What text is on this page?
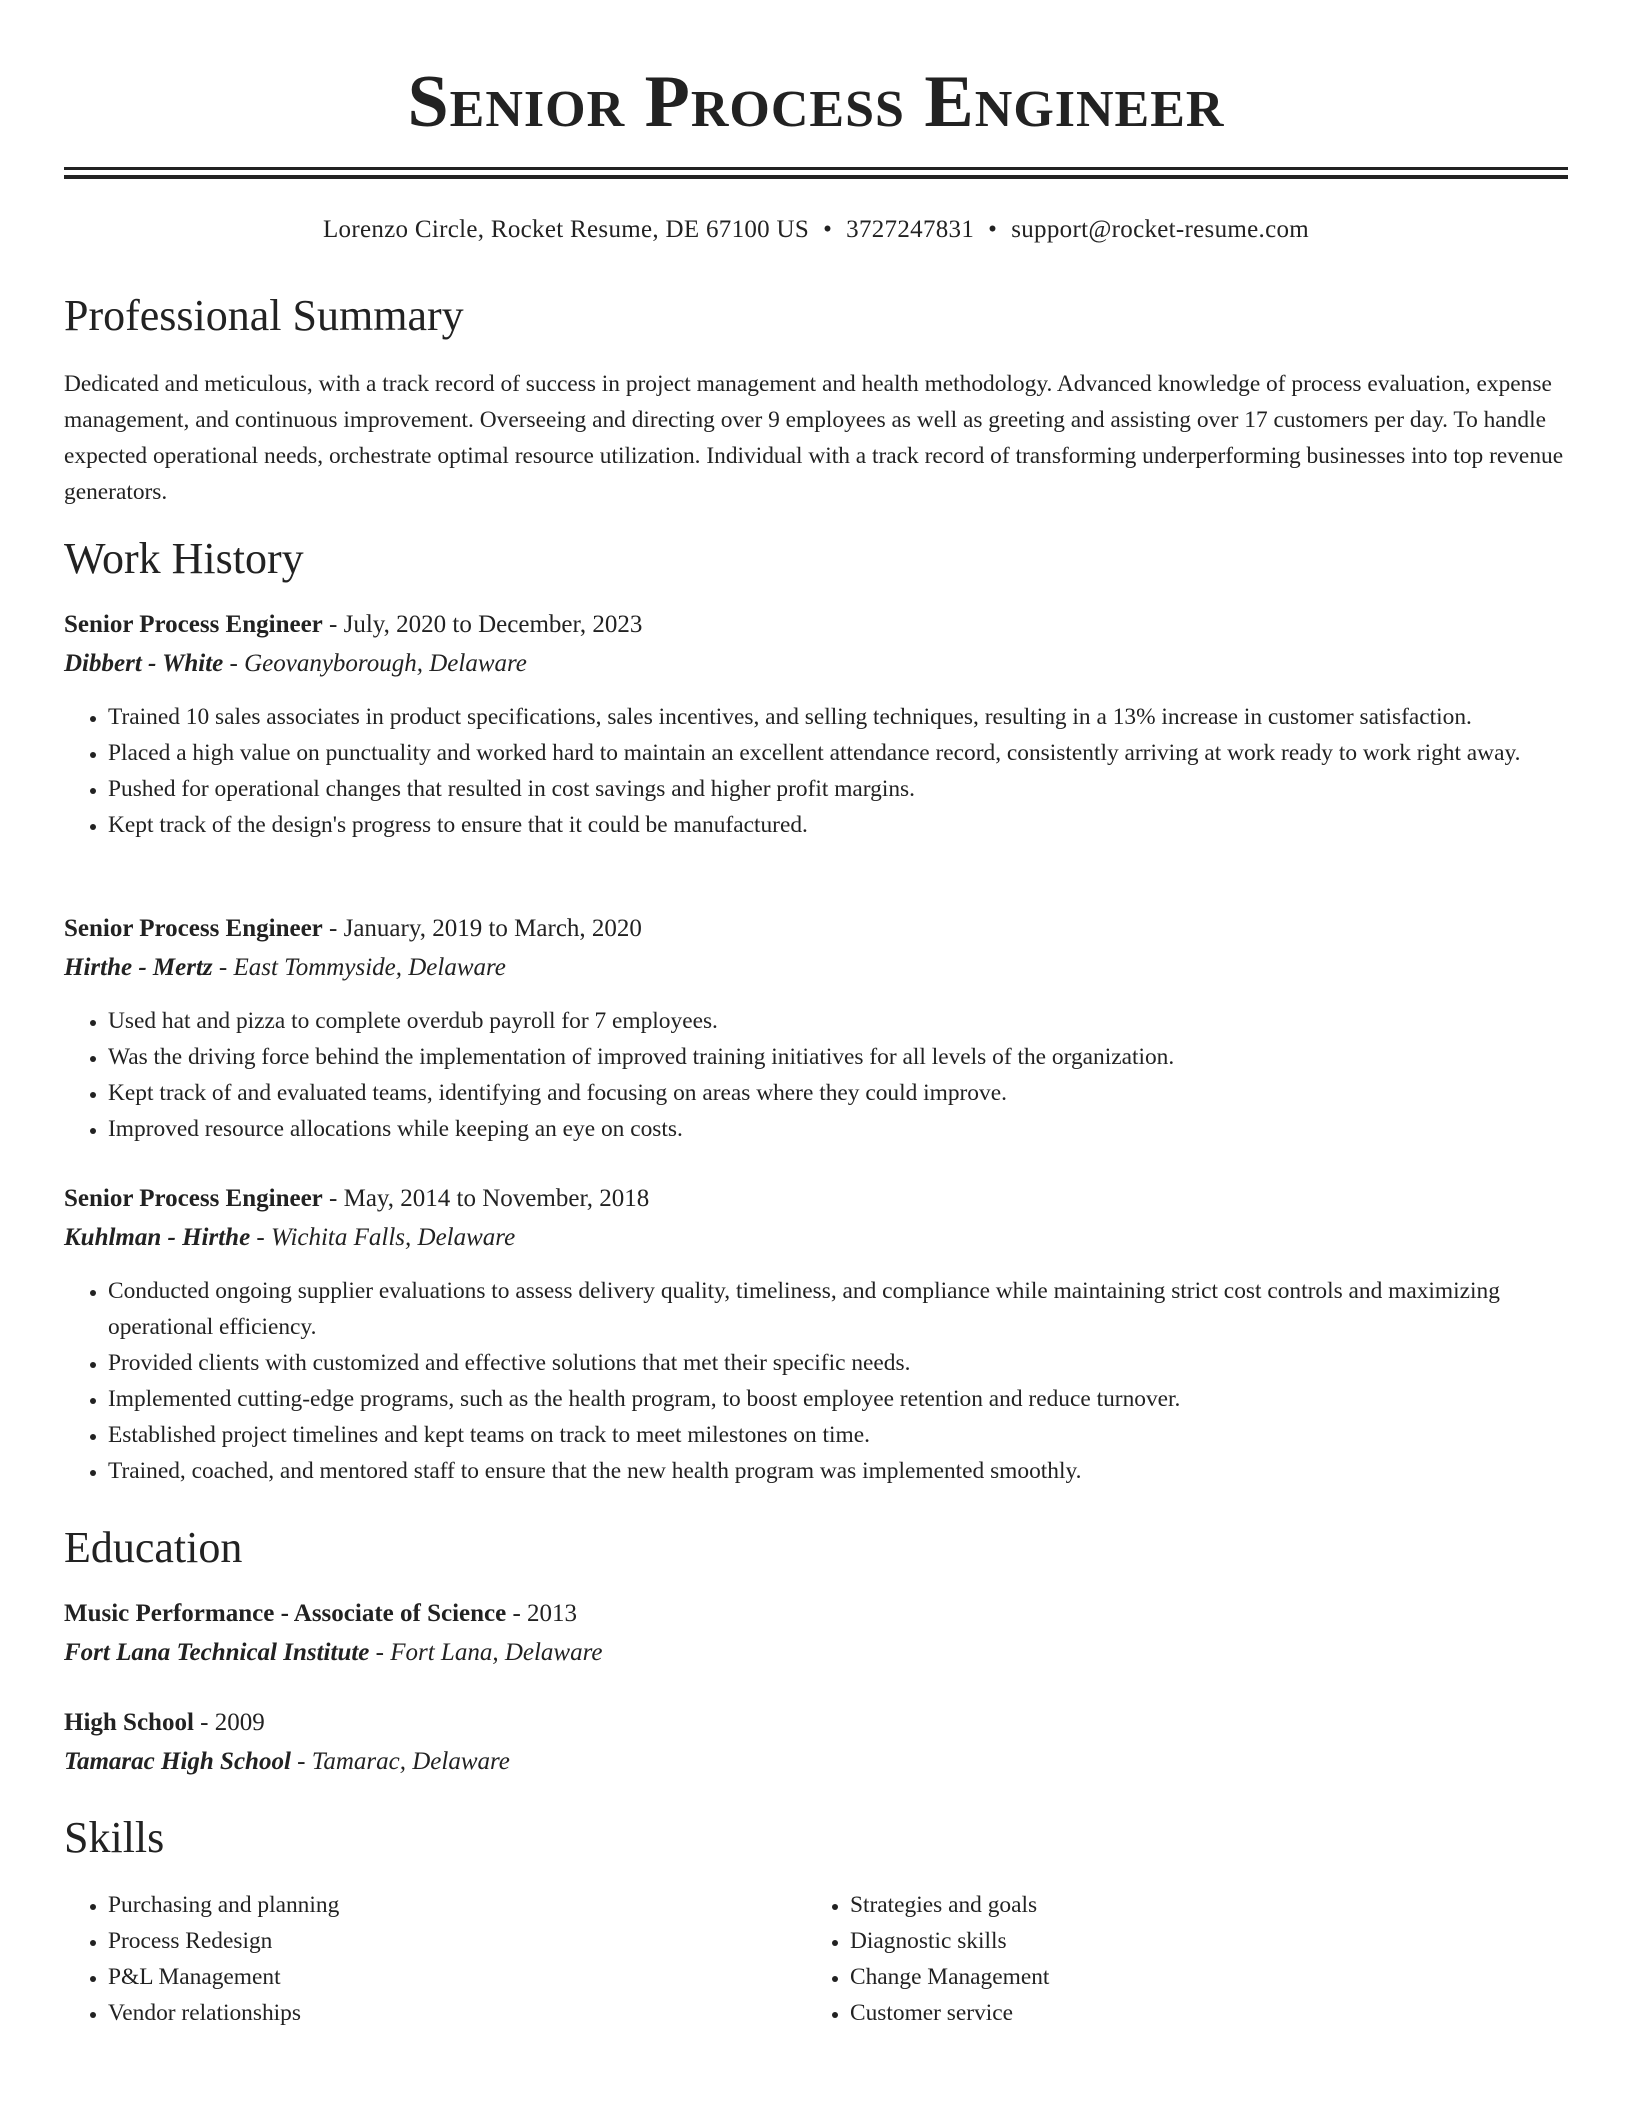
Senior Process Engineer
Lorenzo Circle, Rocket Resume, DE 67100 US • 3727247831 • support@rocket-resume.com
Professional Summary

Dedicated and meticulous, with a track record of success in project management and health methodology. Advanced knowledge of process evaluation, expense management, and continuous improvement. Overseeing and directing over 9 employees as well as greeting and assisting over 17 customers per day. To handle expected operational needs, orchestrate optimal resource utilization. Individual with a track record of transforming underperforming businesses into top revenue generators.

Work History
Senior Process Engineer - July, 2020 to December, 2023
Dibbert - White - Geovanyborough, Delaware
• Trained 10 sales associates in product specifications, sales incentives, and selling techniques, resulting in a 13% increase in customer satisfaction.
• Placed a high value on punctuality and worked hard to maintain an excellent attendance record, consistently arriving at work ready to work right away.
• Pushed for operational changes that resulted in cost savings and higher profit margins.
• Kept track of the design's progress to ensure that it could be manufactured.
Senior Process Engineer - January, 2019 to March, 2020
Hirthe - Mertz - East Tommyside, Delaware
• Used hat and pizza to complete overdub payroll for 7 employees.
• Was the driving force behind the implementation of improved training initiatives for all levels of the organization.
• Kept track of and evaluated teams, identifying and focusing on areas where they could improve.
• Improved resource allocations while keeping an eye on costs.
Senior Process Engineer - May, 2014 to November, 2018
Kuhlman - Hirthe - Wichita Falls, Delaware
• Conducted ongoing supplier evaluations to assess delivery quality, timeliness, and compliance while maintaining strict cost controls and maximizing operational efficiency.
• Provided clients with customized and effective solutions that met their specific needs.
• Implemented cutting-edge programs, such as the health program, to boost employee retention and reduce turnover.
• Established project timelines and kept teams on track to meet milestones on time.
• Trained, coached, and mentored staff to ensure that the new health program was implemented smoothly.
Education
Music Performance - Associate of Science - 2013
Fort Lana Technical Institute - Fort Lana, Delaware
High School - 2009
Tamarac High School - Tamarac, Delaware
Skills
• Purchasing and planning
• Process Redesign
• P&L Management
• Vendor relationships
• Strategies and goals
• Diagnostic skills
• Change Management
• Customer service
